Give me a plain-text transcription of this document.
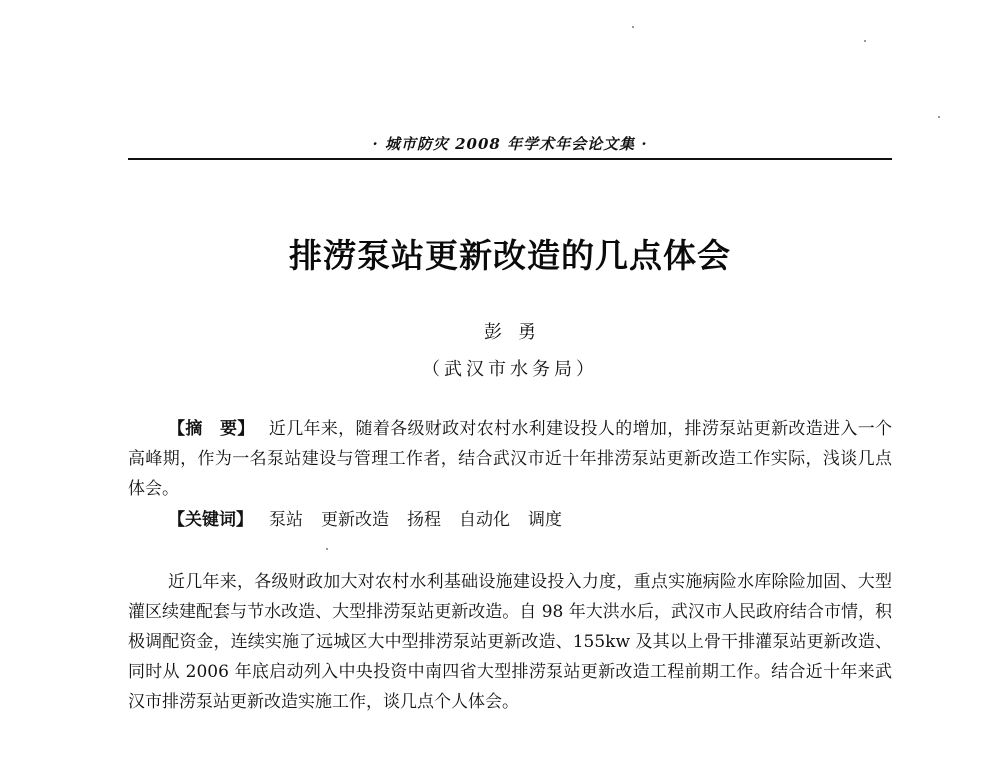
· 城市防灾 2008 年学术年会论文集 ·
排涝泵站更新改造的几点体会
彭勇
（武汉市水务局）
【摘　要】 近几年来，随着各级财政对农村水利建设投人的增加，排涝泵站更新改造进入一个高峰期，作为一名泵站建设与管理工作者，结合武汉市近十年排涝泵站更新改造工作实际，浅谈几点体会。
【关键词】 泵站 更新改造 扬程 自动化 调度
近几年来，各级财政加大对农村水利基础设施建设投入力度，重点实施病险水库除险加固、大型灌区续建配套与节水改造、大型排涝泵站更新改造。自 98 年大洪水后，武汉市人民政府结合市情，积极调配资金，连续实施了远城区大中型排涝泵站更新改造、155kw 及其以上骨干排灌泵站更新改造、同时从 2006 年底启动列入中央投资中南四省大型排涝泵站更新改造工程前期工作。结合近十年来武汉市排涝泵站更新改造实施工作，谈几点个人体会。
